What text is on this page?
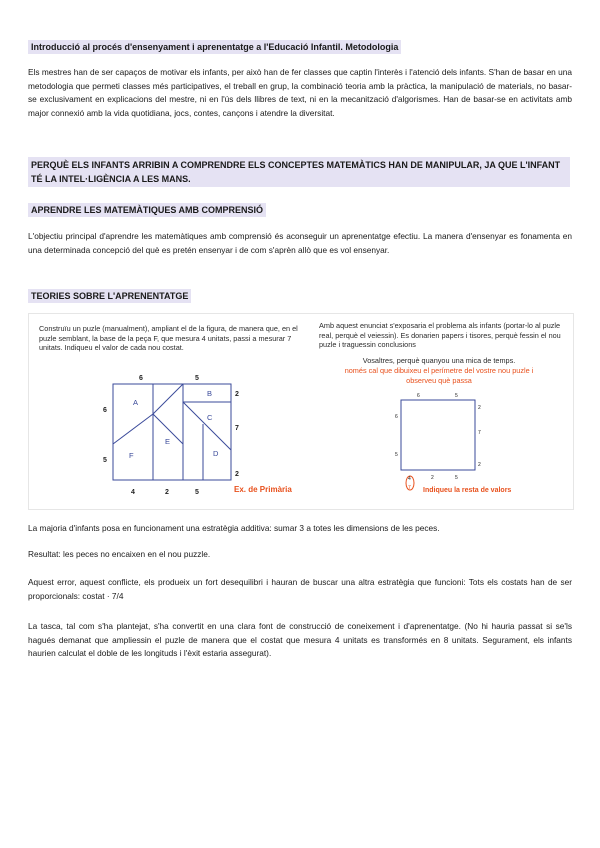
Introducció al procés d'ensenyament i aprenentatge a l'Educació Infantil. Metodologia

Els mestres han de ser capaços de motivar els infants, per això han de fer classes que captin l'interès i l'atenció dels infants. S'han de basar en una metodologia que permeti classes més participatives, el treball en grup, la combinació teoria amb la pràctica, la manipulació de materials, no basar-se exclusivament en explicacions del mestre, ni en l'ús dels llibres de text, ni en la mecanització d'algorismes. Han de basar-se en activitats amb major connexió amb la vida quotidiana, jocs, contes, cançons i atendre la diversitat.

PERQUÈ ELS INFANTS ARRIBIN A COMPRENDRE ELS CONCEPTES MATEMÀTICS HAN DE MANIPULAR, JA QUE L'INFANT TÉ LA INTEL·LIGÈNCIA A LES MANS.
APRENDRE LES MATEMÀTIQUES AMB COMPRENSIÓ

L'objectiu principal d'aprendre les matemàtiques amb comprensió és aconseguir un aprenentatge efectiu. La manera d'ensenyar es fonamenta en una determinada concepció del què es pretén ensenyar i de com s'aprèn allò que es vol ensenyar.

TEORIES SOBRE L'APRENENTATGE

Construïu un puzle (manualment), ampliant el de la figura, de manera que, en el puzle semblant, la base de la peça F, que mesura 4 unitats, passi a mesurar 7 unitats. Indiqueu el valor de cada nou costat.

Amb aquest enunciat s'exposaria el problema als infants (portar-lo al puzle real, perquè el veiessin). Es donarien papers i tisores, perquè fessin el nou puzle i traguessin conclusions

Vosaltres, perquè quanyou una mica de temps.
només cal que dibuixeu el perímetre del vostre nou puzle i observeu què passa
A
B
C
D
E
F
6	5
6
5
2
7
2
4	2	5
6	5
6
5
2
7
2
2	5
4
7
Ex. de Primària	Indiqueu la resta de valors

La majoria d'infants posa en funcionament una estratègia additiva: sumar 3 a totes les dimensions de les peces.

Resultat: les peces no encaixen en el nou puzzle.

Aquest error, aquest conflicte, els produeix un fort desequilibri i hauran de buscar una altra estratègia que funcioni: Tots els costats han de ser proporcionals: costat · 7/4

La tasca, tal com s'ha plantejat, s'ha convertit en una clara font de construcció de coneixement i d'aprenentatge. (No hi hauria passat si se'ls hagués demanat que ampliessin el puzle de manera que el costat que mesura 4 unitats es transformés en 8 unitats. Segurament, els infants haurien calculat el doble de les longituds i l'èxit estaria assegurat).
